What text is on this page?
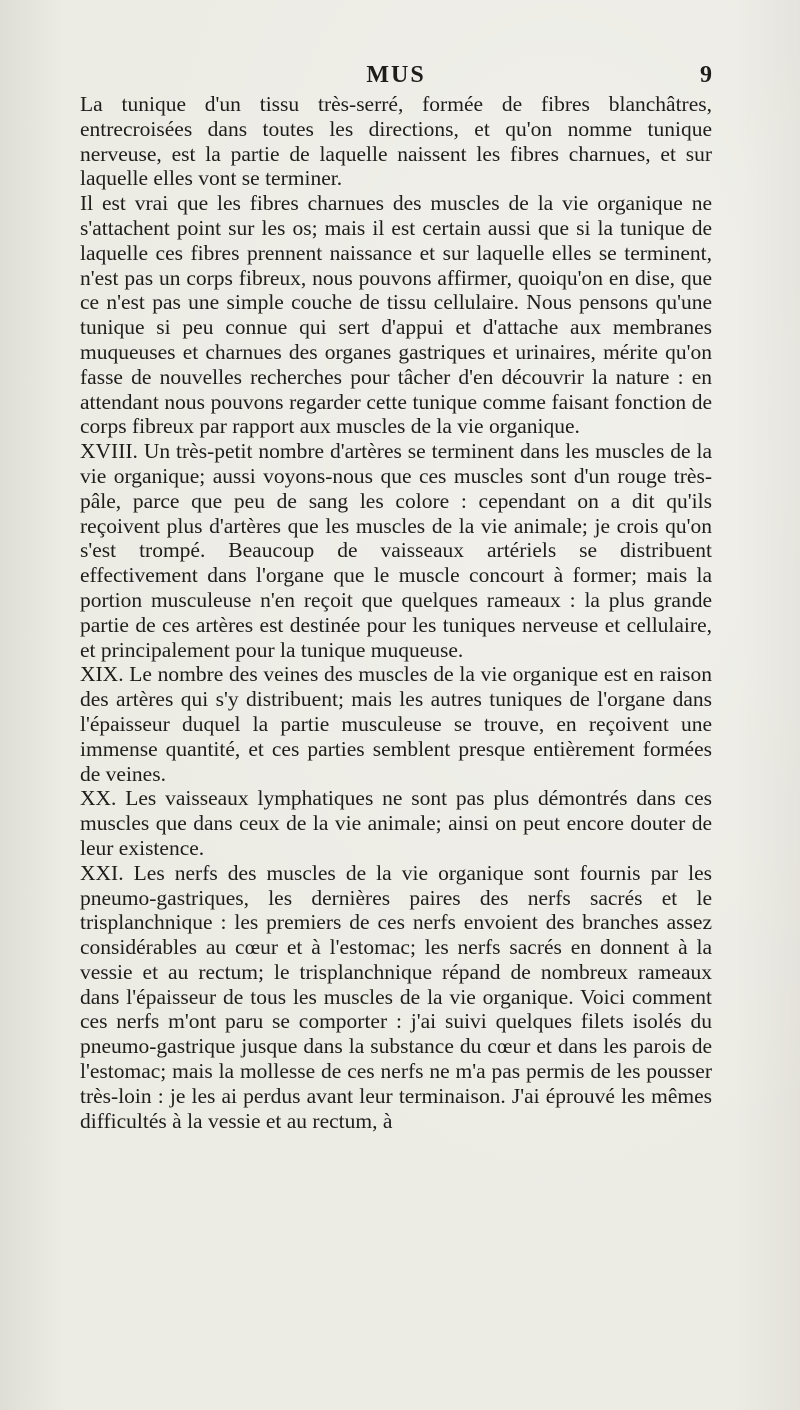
MUS	9

La tunique d'un tissu très-serré, formée de fibres blanchâtres, entrecroisées dans toutes les directions, et qu'on nomme tunique nerveuse, est la partie de laquelle naissent les fibres charnues, et sur laquelle elles vont se terminer.

Il est vrai que les fibres charnues des muscles de la vie organique ne s'attachent point sur les os; mais il est certain aussi que si la tunique de laquelle ces fibres prennent naissance et sur laquelle elles se terminent, n'est pas un corps fibreux, nous pouvons affirmer, quoiqu'on en dise, que ce n'est pas une simple couche de tissu cellulaire. Nous pensons qu'une tunique si peu connue qui sert d'appui et d'attache aux membranes muqueuses et charnues des organes gastriques et urinaires, mérite qu'on fasse de nouvelles recherches pour tâcher d'en découvrir la nature : en attendant nous pouvons regarder cette tunique comme faisant fonction de corps fibreux par rapport aux muscles de la vie organique.

XVIII. Un très-petit nombre d'artères se terminent dans les muscles de la vie organique; aussi voyons-nous que ces muscles sont d'un rouge très-pâle, parce que peu de sang les colore : cependant on a dit qu'ils reçoivent plus d'artères que les muscles de la vie animale; je crois qu'on s'est trompé. Beaucoup de vaisseaux artériels se distribuent effectivement dans l'organe que le muscle concourt à former; mais la portion musculeuse n'en reçoit que quelques rameaux : la plus grande partie de ces artères est destinée pour les tuniques nerveuse et cellulaire, et principalement pour la tunique muqueuse.

XIX. Le nombre des veines des muscles de la vie organique est en raison des artères qui s'y distribuent; mais les autres tuniques de l'organe dans l'épaisseur duquel la partie musculeuse se trouve, en reçoivent une immense quantité, et ces parties semblent presque entièrement formées de veines.

XX. Les vaisseaux lymphatiques ne sont pas plus démontrés dans ces muscles que dans ceux de la vie animale; ainsi on peut encore douter de leur existence.

XXI. Les nerfs des muscles de la vie organique sont fournis par les pneumo-gastriques, les dernières paires des nerfs sacrés et le trisplanchnique : les premiers de ces nerfs envoient des branches assez considérables au cœur et à l'estomac; les nerfs sacrés en donnent à la vessie et au rectum; le trisplanchnique répand de nombreux rameaux dans l'épaisseur de tous les muscles de la vie organique. Voici comment ces nerfs m'ont paru se comporter : j'ai suivi quelques filets isolés du pneumo-gastrique jusque dans la substance du cœur et dans les parois de l'estomac; mais la mollesse de ces nerfs ne m'a pas permis de les pousser très-loin : je les ai perdus avant leur terminaison. J'ai éprouvé les mêmes difficultés à la vessie et au rectum, à
